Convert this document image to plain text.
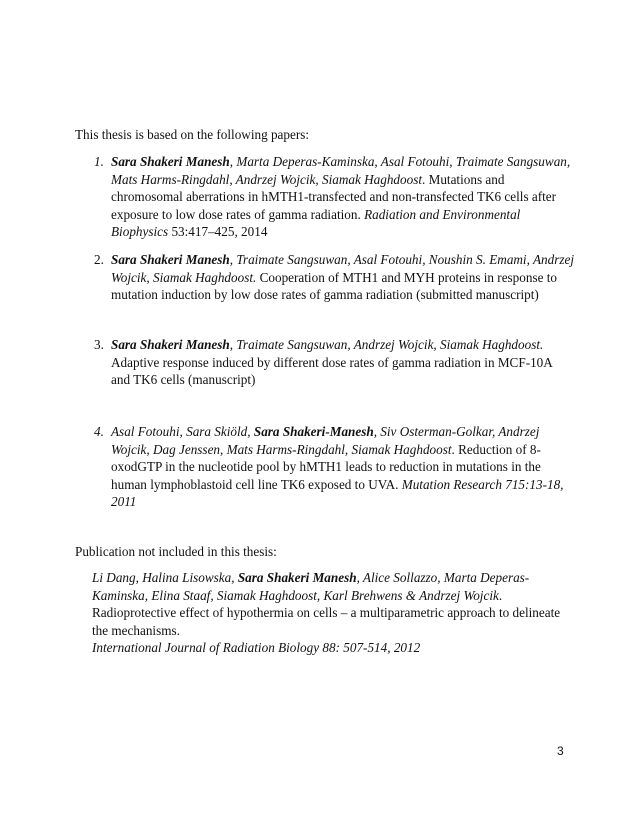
This thesis is based on the following papers:
1. Sara Shakeri Manesh, Marta Deperas-Kaminska, Asal Fotouhi, Traimate Sangsuwan, Mats Harms-Ringdahl, Andrzej Wojcik, Siamak Haghdoost. Mutations and chromosomal aberrations in hMTH1-transfected and non-transfected TK6 cells after exposure to low dose rates of gamma radiation. Radiation and Environmental Biophysics 53:417–425, 2014
2. Sara Shakeri Manesh, Traimate Sangsuwan, Asal Fotouhi, Noushin S. Emami, Andrzej Wojcik, Siamak Haghdoost. Cooperation of MTH1 and MYH proteins in response to mutation induction by low dose rates of gamma radiation (submitted manuscript)
3. Sara Shakeri Manesh, Traimate Sangsuwan, Andrzej Wojcik, Siamak Haghdoost. Adaptive response induced by different dose rates of gamma radiation in MCF-10A and TK6 cells (manuscript)
4. Asal Fotouhi, Sara Skiöld, Sara Shakeri-Manesh, Siv Osterman-Golkar, Andrzej Wojcik, Dag Jenssen, Mats Harms-Ringdahl, Siamak Haghdoost. Reduction of 8-oxodGTP in the nucleotide pool by hMTH1 leads to reduction in mutations in the human lymphoblastoid cell line TK6 exposed to UVA. Mutation Research 715:13-18, 2011
Publication not included in this thesis:
Li Dang, Halina Lisowska, Sara Shakeri Manesh, Alice Sollazzo, Marta Deperas-Kaminska, Elina Staaf, Siamak Haghdoost, Karl Brehwens & Andrzej Wojcik. Radioprotective effect of hypothermia on cells – a multiparametric approach to delineate the mechanisms.
International Journal of Radiation Biology 88: 507-514, 2012
3
